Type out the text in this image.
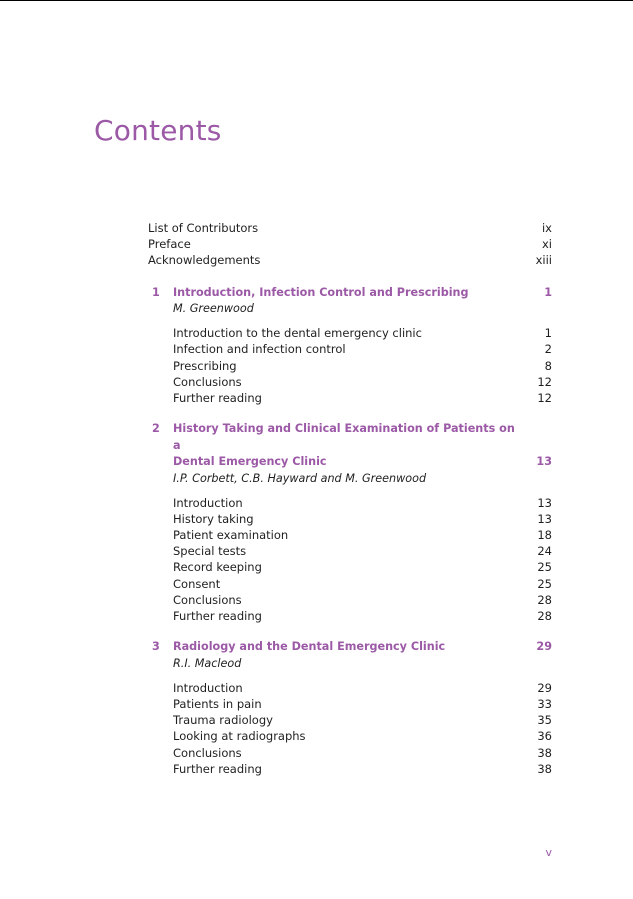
Contents
List of Contributors	ix
Preface	xi
Acknowledgements	xiii
1	Introduction, Infection Control and Prescribing	1
M. Greenwood
Introduction to the dental emergency clinic	1
Infection and infection control	2
Prescribing	8
Conclusions	12
Further reading	12
2	History Taking and Clinical Examination of Patients on a
Dental Emergency Clinic	13
I.P. Corbett, C.B. Hayward and M. Greenwood
Introduction	13
History taking	13
Patient examination	18
Special tests	24
Record keeping	25
Consent	25
Conclusions	28
Further reading	28
3	Radiology and the Dental Emergency Clinic	29
R.I. Macleod
Introduction	29
Patients in pain	33
Trauma radiology	35
Looking at radiographs	36
Conclusions	38
Further reading	38
v
